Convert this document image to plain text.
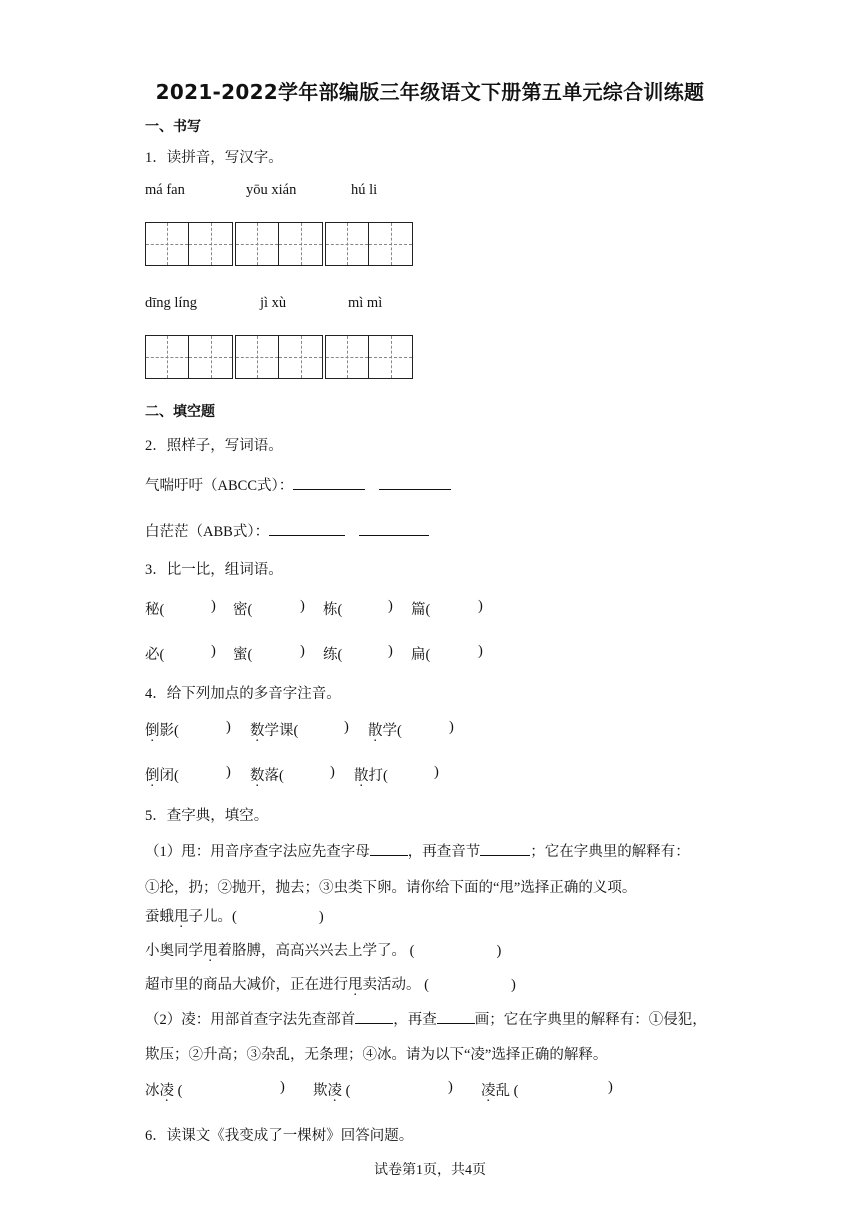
2021-2022学年部编版三年级语文下册第五单元综合训练题
一、书写
1．读拼音，写汉字。
má fan	yōu xián	hú li
dīng líng	jì xù	mì mì
二、填空题
2．照样子，写词语。
气喘吁吁（ABCC式）：
白茫茫（ABB式）：
3．比一比，组词语。
秘(	) 密(	) 栋(	) 篇(	)
必(	) 蜜(	) 练(	) 扁(	)
4．给下列加点的多音字注音。
倒影(	) 数学课(	) 散学(	)
倒闭(	) 数落(	) 散打(	)
5．查字典，填空。
（1）甩：用音序查字法应先查字母	，再查音节	；它在字典里的解释有：
①抡，扔；②抛开，抛去；③虫类下卵。请你给下面的“甩”选择正确的义项。
蚕蛾甩子儿。(	)
小奥同学甩着胳膊，高高兴兴去上学了。 (	)
超市里的商品大减价，正在进行甩卖活动。 (	)
（2）凌：用部首查字法先查部首	，再查	画；它在字典里的解释有：①侵犯，
欺压；②升高；③杂乱，无条理；④冰。请为以下“凌”选择正确的解释。
冰凌 (	) 欺凌 (	) 凌乱 (	)
6．读课文《我变成了一棵树》回答问题。
试卷第1页，共4页
